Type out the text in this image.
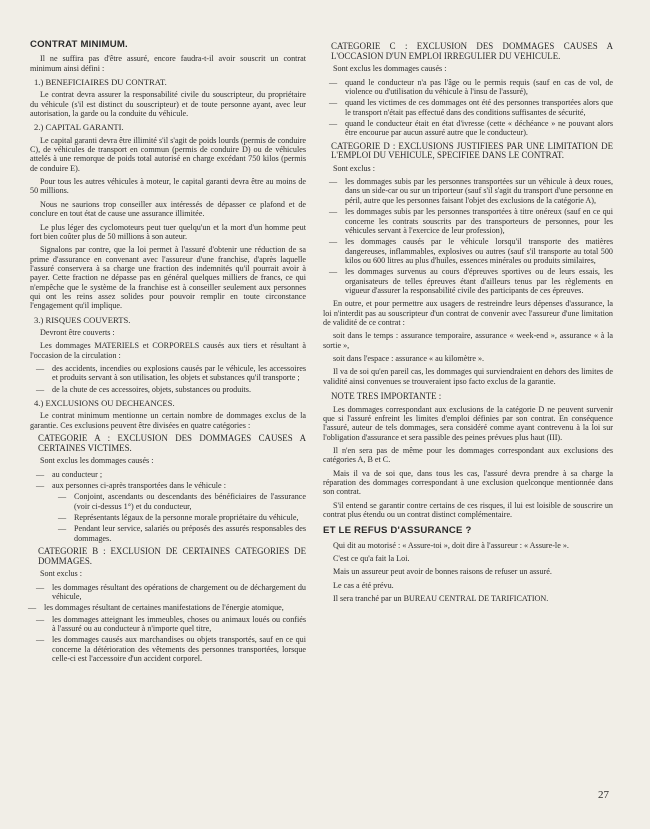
CONTRAT MINIMUM.

Il ne suffira pas d'être assuré, encore faudra-t-il avoir souscrit un contrat minimum ainsi défini :

1.) BENEFICIAIRES DU CONTRAT.

Le contrat devra assurer la responsabilité civile du souscripteur, du propriétaire du véhicule (s'il est distinct du souscripteur) et de toute personne ayant, avec leur autorisation, la garde ou la conduite du véhicule.

2.) CAPITAL GARANTI.

Le capital garanti devra être illimité s'il s'agit de poids lourds (permis de conduire C), de véhicules de transport en commun (permis de conduire D) ou de véhicules attelés à une remorque de poids total autorisé en charge excédant 750 kilos (permis de conduire E).

Pour tous les autres véhicules à moteur, le capital garanti devra être au moins de 50 millions.

Nous ne saurions trop conseiller aux intéressés de dépasser ce plafond et de conclure en tout état de cause une assurance illimitée.

Le plus léger des cyclomoteurs peut tuer quelqu'un et la mort d'un homme peut fort bien coûter plus de 50 millions à son auteur.

Signalons par contre, que la loi permet à l'assuré d'obtenir une réduction de sa prime d'assurance en convenant avec l'assureur d'une franchise, d'après laquelle l'assuré conservera à sa charge une fraction des indemnités qu'il pourrait avoir à payer. Cette fraction ne dépasse pas en général quelques milliers de francs, ce qui n'empêche que le système de la franchise est à conseiller seulement aux personnes qui ont les reins assez solides pour pouvoir remplir en toute circonstance l'engagement qu'il implique.

3.) RISQUES COUVERTS.

Devront être couverts :

Les dommages MATERIELS et CORPORELS causés aux tiers et résultant à l'occasion de la circulation :

— des accidents, incendies ou explosions causés par le véhicule, les accessoires et produits servant à son utilisation, les objets et substances qu'il transporte ;
— de la chute de ces accessoires, objets, substances ou produits.

4.) EXCLUSIONS OU DECHEANCES.

Le contrat minimum mentionne un certain nombre de dommages exclus de la garantie. Ces exclusions peuvent être divisées en quatre catégories :

CATEGORIE A : EXCLUSION DES DOMMAGES CAUSES A CERTAINES VICTIMES.

Sont exclus les dommages causés :

— au conducteur ;
— aux personnes ci-après transportées dans le véhicule :
— Conjoint, ascendants ou descendants des bénéficiaires de l'assurance (voir ci-dessus 1°) et du conducteur,
— Représentants légaux de la personne morale propriétaire du véhicule,
— Pendant leur service, salariés ou préposés des assurés responsables des dommages.

CATEGORIE B : EXCLUSION DE CERTAINES CATEGORIES DE DOMMAGES.

Sont exclus :

— les dommages résultant des opérations de chargement ou de déchargement du véhicule,
— les dommages résultant de certaines manifestations de l'énergie atomique,
— les dommages atteignant les immeubles, choses ou animaux loués ou confiés à l'assuré ou au conducteur à n'importe quel titre,
— les dommages causés aux marchandises ou objets transportés, sauf en ce qui concerne la détérioration des vêtements des personnes transportées, lorsque celle-ci est l'accessoire d'un accident corporel.

CATEGORIE C : EXCLUSION DES DOMMAGES CAUSES A L'OCCASION D'UN EMPLOI IRREGULIER DU VEHICULE.

Sont exclus les dommages causés :

— quand le conducteur n'a pas l'âge ou le permis requis (sauf en cas de vol, de violence ou d'utilisation du véhicule à l'insu de l'assuré),
— quand les victimes de ces dommages ont été des personnes transportées alors que le transport n'était pas effectué dans des conditions suffisantes de sécurité,
— quand le conducteur était en état d'ivresse (cette « déchéance » ne pouvant alors être encourue par aucun assuré autre que le conducteur).

CATEGORIE D : EXCLUSIONS JUSTIFIEES PAR UNE LIMITATION DE L'EMPLOI DU VEHICULE, SPECIFIEE DANS LE CONTRAT.

Sont exclus :

— les dommages subis par les personnes transportées sur un véhicule à deux roues, dans un side-car ou sur un triporteur (sauf s'il s'agit du transport d'une personne en péril, autre que les personnes faisant l'objet des exclusions de la catégorie A),
— les dommages subis par les personnes transportées à titre onéreux (sauf en ce qui concerne les contrats souscrits par des transporteurs de personnes, pour les véhicules servant à l'exercice de leur profession),
— les dommages causés par le véhicule lorsqu'il transporte des matières dangereuses, inflammables, explosives ou autres (sauf s'il transporte au total 500 kilos ou 600 litres au plus d'huiles, essences minérales ou produits similaires,
— les dommages survenus au cours d'épreuves sportives ou de leurs essais, les organisateurs de telles épreuves étant d'ailleurs tenus par les règlements en vigueur d'assurer la responsabilité civile des participants de ces épreuves.

En outre, et pour permettre aux usagers de restreindre leurs dépenses d'assurance, la loi n'interdit pas au souscripteur d'un contrat de convenir avec l'assureur d'une limitation de validité de ce contrat :

soit dans le temps : assurance temporaire, assurance « week-end », assurance « à la sortie »,

soit dans l'espace : assurance « au kilomètre ».

Il va de soi qu'en pareil cas, les dommages qui surviendraient en dehors des limites de validité ainsi convenues se trouveraient ipso facto exclus de la garantie.

NOTE TRES IMPORTANTE :

Les dommages correspondant aux exclusions de la catégorie D ne peuvent survenir que si l'assuré enfreint les limites d'emploi définies par son contrat. En conséquence l'assuré, auteur de tels dommages, sera considéré comme ayant contrevenu à la loi sur l'obligation d'assurance et sera passible des peines prévues plus haut (III).

Il n'en sera pas de même pour les dommages correspondant aux exclusions des catégories A, B et C.

Mais il va de soi que, dans tous les cas, l'assuré devra prendre à sa charge la réparation des dommages correspondant à une exclusion quelconque mentionnée dans son contrat.

S'il entend se garantir contre certains de ces risques, il lui est loisible de souscrire un contrat plus étendu ou un contrat distinct complémentaire.

ET LE REFUS D'ASSURANCE ?

Qui dit au motorisé : « Assure-toi », doit dire à l'assureur : « Assure-le ».

C'est ce qu'a fait la Loi.

Mais un assureur peut avoir de bonnes raisons de refuser un assuré.

Le cas a été prévu.

Il sera tranché par un BUREAU CENTRAL DE TARIFICATION.

27
